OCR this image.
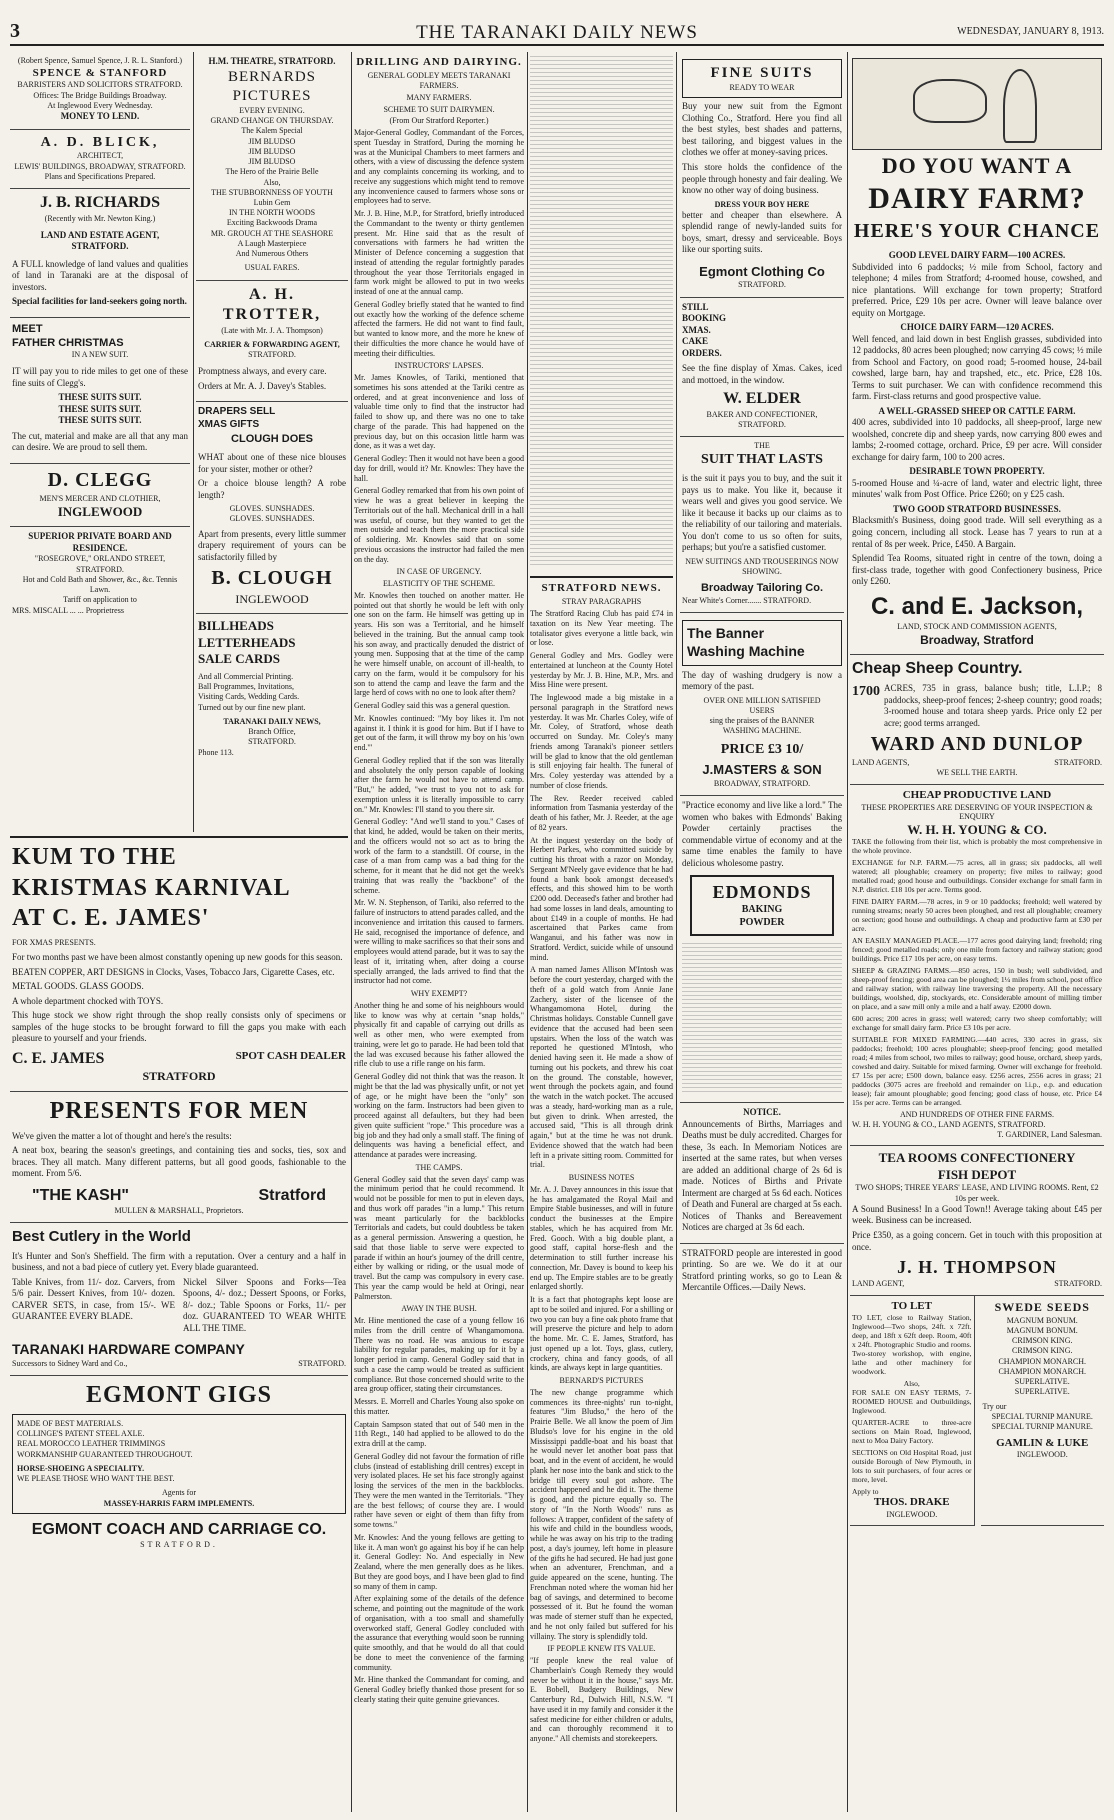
3	THE TARANAKI DAILY NEWS	WEDNESDAY, JANUARY 8, 1913.
(Robert Spence, Samuel Spence, J. R. L. Stanford.)
SPENCE & STANFORD
BARRISTERS AND SOLICITORS STRATFORD.
Offices: The Bridge Buildings Broadway.
At Inglewood Every Wednesday.
MONEY TO LEND.
A. D. BLICK,
ARCHITECT,
LEWIS' BUILDINGS, BROADWAY, STRATFORD.
Plans and Specifications Prepared.
J. B. RICHARDS
(Recently with Mr. Newton King.)
LAND AND ESTATE AGENT, STRATFORD.

A FULL knowledge of land values and qualities of land in Taranaki are at the disposal of investors.

Special facilities for land-seekers going north.

MEET
FATHER CHRISTMAS
IN A NEW SUIT.

IT will pay you to ride miles to get one of these fine suits of Clegg's.

THESE SUITS SUIT.
THESE SUITS SUIT.
THESE SUITS SUIT.

The cut, material and make are all that any man can desire. We are proud to sell them.

D. CLEGG
MEN'S MERCER AND CLOTHIER,
INGLEWOOD
SUPERIOR PRIVATE BOARD AND RESIDENCE.
"ROSEGROVE," ORLANDO STREET, STRATFORD.
Hot and Cold Bath and Shower, &c., &c. Tennis Lawn.
Tariff on application to
MRS. MISCALL ... ... Proprietress
H.M. THEATRE, STRATFORD.
BERNARDS PICTURES
EVERY EVENING.
GRAND CHANGE ON THURSDAY.
The Kalem Special
JIM BLUDSO
JIM BLUDSO
JIM BLUDSO
The Hero of the Prairie Belle
Also,
THE STUBBORNNESS OF YOUTH
Lubin Gem
IN THE NORTH WOODS
Exciting Backwoods Drama
MR. GROUCH AT THE SEASHORE
A Laugh Masterpiece
And Numerous Others
USUAL FARES.
A. H. TROTTER,
(Late with Mr. J. A. Thompson)
CARRIER & FORWARDING AGENT,
STRATFORD.

Promptness always, and every care.

Orders at Mr. A. J. Davey's Stables.

DRAPERS SELL
XMAS GIFTS
CLOUGH DOES

WHAT about one of these nice blouses for your sister, mother or other?

Or a choice blouse length? A robe length?

GLOVES. SUNSHADES.
GLOVES. SUNSHADES.

Apart from presents, every little summer drapery requirement of yours can be satisfactorily filled by

B. CLOUGH
INGLEWOOD
BILLHEADS
LETTERHEADS
SALE CARDS
And all Commercial Printing.
Ball Programmes, Invitations,
Visiting Cards, Wedding Cards.
Turned out by our fine new plant.
TARANAKI DAILY NEWS,
Branch Office,
STRATFORD.
Phone 113.
KUM TO THE
KRISTMAS KARNIVAL
AT C. E. JAMES'
FOR XMAS PRESENTS.

For two months past we have been almost constantly opening up new goods for this season.

BEATEN COPPER, ART DESIGNS in Clocks, Vases, Tobacco Jars, Cigarette Cases, etc.

METAL GOODS. GLASS GOODS.

A whole department chocked with TOYS.

This huge stock we show right through the shop really consists only of specimens or samples of the huge stocks to be brought forward to fill the gaps you make with each pleasure to yourself and your friends.

C. E. JAMES	SPOT CASH DEALER
STRATFORD
PRESENTS FOR MEN

We've given the matter a lot of thought and here's the results:

A neat box, bearing the season's greetings, and containing ties and socks, ties, sox and braces. They all match. Many different patterns, but all good goods, fashionable to the moment. From 5/6.

"THE KASH"	Stratford
MULLEN & MARSHALL, Proprietors.
Best Cutlery in the World

It's Hunter and Son's Sheffield. The firm with a reputation. Over a century and a half in business, and not a bad piece of cutlery yet. Every blade guaranteed.

Table Knives, from 11/- doz. Carvers, from 5/6 pair. Dessert Knives, from 10/- dozen. CARVER SETS, in case, from 15/-. WE GUARANTEE EVERY BLADE.

Nickel Silver Spoons and Forks—Tea Spoons, 4/- doz.; Dessert Spoons, or Forks, 8/- doz.; Table Spoons or Forks, 11/- per doz. GUARANTEED TO WEAR WHITE ALL THE TIME.

TARANAKI HARDWARE COMPANY
Successors to Sidney Ward and Co.,	STRATFORD.
EGMONT GIGS
MADE OF BEST MATERIALS.
COLLINGE'S PATENT STEEL AXLE.
REAL MOROCCO LEATHER TRIMMINGS
WORKMANSHIP GUARANTEED THROUGHOUT.
HORSE-SHOEING A SPECIALITY.
WE PLEASE THOSE WHO WANT THE BEST.
Agents for
MASSEY-HARRIS FARM IMPLEMENTS.
EGMONT COACH AND CARRIAGE CO.
STRATFORD.
DRILLING AND DAIRYING.
GENERAL GODLEY MEETS TARANAKI FARMERS.
MANY FARMERS.
SCHEME TO SUIT DAIRYMEN.
(From Our Stratford Reporter.)

Major-General Godley, Commandant of the Forces, spent Tuesday in Stratford, During the morning he was at the Municipal Chambers to meet farmers and others, with a view of discussing the defence system and any complaints concerning its working, and to receive any suggestions which might tend to remove any inconvenience caused to farmers whose sons or employees had to serve.

Mr. J. B. Hine, M.P., for Stratford, briefly introduced the Commandant to the twenty or thirty gentlemen present. Mr. Hine said that as the result of conversations with farmers he had written the Minister of Defence concerning a suggestion that instead of attending the regular fortnightly parades throughout the year those Territorials engaged in farm work might be allowed to put in two weeks instead of one at the annual camp.

General Godley briefly stated that he wanted to find out exactly how the working of the defence scheme affected the farmers. He did not want to find fault, but wanted to know more, and the more he knew of their difficulties the more chance he would have of meeting their difficulties.

INSTRUCTORS' LAPSES.

Mr. James Knowles, of Tariki, mentioned that sometimes his sons attended at the Tariki centre as ordered, and at great inconvenience and loss of valuable time only to find that the instructor had failed to show up, and there was no one to take charge of the parade. This had happened on the previous day, but on this occasion little harm was done, as it was a wet day.

General Godley: Then it would not have been a good day for drill, would it? Mr. Knowles: They have the hall.

General Godley remarked that from his own point of view he was a great believer in keeping the Territorials out of the hall. Mechanical drill in a hall was useful, of course, but they wanted to get the men outside and teach them the more practical side of soldiering. Mr. Knowles said that on some previous occasions the instructor had failed the men on the day.

IN CASE OF URGENCY.
ELASTICITY OF THE SCHEME.

Mr. Knowles then touched on another matter. He pointed out that shortly he would be left with only one son on the farm. He himself was getting up in years. His son was a Territorial, and he himself believed in the training. But the annual camp took his son away, and practically denuded the district of young men. Supposing that at the time of the camp he were himself unable, on account of ill-health, to carry on the farm, would it be compulsory for his son to attend the camp and leave the farm and the large herd of cows with no one to look after them?

General Godley said this was a general question.

Mr. Knowles continued: "My boy likes it. I'm not against it. I think it is good for him. But if I have to get out of the farm, it will throw my boy on his 'own end.'"

General Godley replied that if the son was literally and absolutely the only person capable of looking after the farm he would not have to attend camp. "But," he added, "we trust to you not to ask for exemption unless it is literally impossible to carry on." Mr. Knowles: I'll stand to you there sir.

General Godley: "And we'll stand to you." Cases of that kind, he added, would be taken on their merits, and the officers would not so act as to bring the work of the farm to a standstill. Of course, in the case of a man from camp was a bad thing for the scheme, for it meant that he did not get the week's training that was really the "backbone" of the scheme.

Mr. W. N. Stephenson, of Tariki, also referred to the failure of instructors to attend parades called, and the inconvenience and irritation this caused to farmers. He said, recognised the importance of defence, and were willing to make sacrifices so that their sons and employees would attend parade, but it was to say the least of it, irritating when, after doing a course specially arranged, the lads arrived to find that the instructor had not come.

WHY EXEMPT?

Another thing he and some of his neighbours would like to know was why at certain "snap holds," physically fit and capable of carrying out drills as well as other men, who were exempted from training, were let go to parade. He had been told that the lad was excused because his father allowed the rifle club to use a rifle range on his farm.

General Godley did not think that was the reason. It might be that the lad was physically unfit, or not yet of age, or he might have been the "only" son working on the farm. Instructors had been given to proceed against all defaulters, but they had been given quite sufficient "rope." This procedure was a big job and they had only a small staff. The fining of delinquents was having a beneficial effect, and attendance at parades were increasing.

THE CAMPS.

General Godley said that the seven days' camp was the minimum period that he could recommend. It would not be possible for men to put in eleven days, and thus work off parades "in a lump." This return was meant particularly for the backblocks Territorials and cadets, but could doubtless be taken as a general permission. Answering a question, he said that those liable to serve were expected to parade if within an hour's journey of the drill centre, either by walking or riding, or the usual mode of travel. But the camp was compulsory in every case. This year the camp would be held at Oringi, near Palmerston.

AWAY IN THE BUSH.

Mr. Hine mentioned the case of a young fellow 16 miles from the drill centre of Whangamomona. There was no road. He was anxious to escape liability for regular parades, making up for it by a longer period in camp. General Godley said that in such a case the camp would be treated as sufficient compliance. But those concerned should write to the area group officer, stating their circumstances.

Messrs. E. Morrell and Charles Young also spoke on this matter.

Captain Sampson stated that out of 540 men in the 11th Regt., 140 had applied to be allowed to do the extra drill at the camp.

General Godley did not favour the formation of rifle clubs (instead of establishing drill centres) except in very isolated places. He set his face strongly against losing the services of the men in the backblocks. They were the men wanted in the Territorials. "They are the best fellows; of course they are. I would rather have seven or eight of them than fifty from some towns."

Mr. Knowles: And the young fellows are getting to like it. A man won't go against his boy if he can help it. General Godley: No. And especially in New Zealand, where the men generally does as he likes. But they are good boys, and I have been glad to find so many of them in camp.

After explaining some of the details of the defence scheme, and pointing out the magnitude of the work of organisation, with a too small and shamefully overworked staff, General Godley concluded with the assurance that everything would soon be running quite smoothly, and that he would do all that could be done to meet the convenience of the farming community.

Mr. Hine thanked the Commandant for coming, and General Godley briefly thanked those present for so clearly stating their quite genuine grievances.

STRATFORD NEWS.
STRAY PARAGRAPHS

The Stratford Racing Club has paid £74 in taxation on its New Year meeting. The totalisator gives everyone a little back, win or lose.

General Godley and Mrs. Godley were entertained at luncheon at the County Hotel yesterday by Mr. J. B. Hine, M.P., Mrs. and Miss Hine were present.

The Inglewood made a big mistake in a personal paragraph in the Stratford news yesterday. It was Mr. Charles Coley, wife of Mr. Coley, of Stratford, whose death occurred on Sunday. Mr. Coley's many friends among Taranaki's pioneer settlers will be glad to know that the old gentleman is still enjoying fair health. The funeral of Mrs. Coley yesterday was attended by a number of close friends.

The Rev. Reeder received cabled information from Tasmania yesterday of the death of his father, Mr. J. Reeder, at the age of 82 years.

At the inquest yesterday on the body of Herbert Parkes, who committed suicide by cutting his throat with a razor on Monday, Sergeant M'Neely gave evidence that he had found a bank book amongst deceased's effects, and this showed him to be worth £200 odd. Deceased's father and brother had had some losses in land deals, amounting to about £149 in a couple of months. He had ascertained that Parkes came from Wanganui, and his father was now in Stratford. Verdict, suicide while of unsound mind.

A man named James Allison M'Intosh was before the court yesterday, charged with the theft of a gold watch from Annie Jane Zachery, sister of the licensee of the Whangamomona Hotel, during the Christmas holidays. Constable Cunnell gave evidence that the accused had been seen upstairs. When the loss of the watch was reported he questioned M'Intosh, who denied having seen it. He made a show of turning out his pockets, and threw his coat on the ground. The constable, however, went through the pockets again, and found the watch in the watch pocket. The accused was a steady, hard-working man as a rule, but given to drink. When arrested, the accused said, "This is all through drink again," but at the time he was not drunk. Evidence showed that the watch had been left in a private sitting room. Committed for trial.

BUSINESS NOTES

Mr. A. J. Davey announces in this issue that he has amalgamated the Royal Mail and Empire Stable businesses, and will in future conduct the businesses at the Empire stables, which he has acquired from Mr. Fred. Gooch. With a big double plant, a good staff, capital horse-flesh and the determination to still further increase his connection, Mr. Davey is bound to keep his end up. The Empire stables are to be greatly enlarged shortly.

It is a fact that photographs kept loose are apt to be soiled and injured. For a shilling or two you can buy a fine oak photo frame that will preserve the picture and help to adorn the home. Mr. C. E. James, Stratford, has just opened up a lot. Toys, glass, cutlery, crockery, china and fancy goods, of all kinds, are always kept in large quantities.

BERNARD'S PICTURES

The new change programme which commences its three-nights' run to-night, features "Jim Bludso," the hero of the Prairie Belle. We all know the poem of Jim Bludso's love for his engine in the old Mississippi paddle-boat and his boast that he would never let another boat pass that boat, and in the event of accident, he would plank her nose into the bank and stick to the bridge till every soul got ashore. The accident happened and he did it. The theme is good, and the picture equally so. The story of "In the North Woods" runs as follows: A trapper, confident of the safety of his wife and child in the boundless woods, while he was away on his trip to the trading post, a day's journey, left home in pleasure of the gifts he had secured. He had just gone when an adventurer, Frenchman, and a guide appeared on the scene, hunting. The Frenchman noted where the woman hid her bag of savings, and determined to become possessed of it. But he found the woman was made of sterner stuff than he expected, and he not only failed but suffered for his villainy. The story is splendidly told.

IF PEOPLE KNEW ITS VALUE.

"If people knew the real value of Chamberlain's Cough Remedy they would never be without it in the house," says Mr. E. Bobell, Budgery Buildings, New Canterbury Rd., Dulwich Hill, N.S.W. "I have used it in my family and consider it the safest medicine for either children or adults, and can thoroughly recommend it to anyone." All chemists and storekeepers.

FINE SUITS
READY TO WEAR

Buy your new suit from the Egmont Clothing Co., Stratford. Here you find all the best styles, best shades and patterns, best tailoring, and biggest values in the clothes we offer at money-saving prices.

This store holds the confidence of the people through honesty and fair dealing. We know no other way of doing business.

DRESS YOUR BOY HERE

better and cheaper than elsewhere. A splendid range of newly-landed suits for boys, smart, dressy and serviceable. Boys like our sporting suits.

Egmont Clothing Co
STRATFORD.
STILL
BOOKING
XMAS.
CAKE
ORDERS.

See the fine display of Xmas. Cakes, iced and mottoed, in the window.

W. ELDER
BAKER AND CONFECTIONER,
STRATFORD.
THE
SUIT THAT LASTS

is the suit it pays you to buy, and the suit it pays us to make. You like it, because it wears well and gives you good service. We like it because it backs up our claims as to the reliability of our tailoring and materials. You don't come to us so often for suits, perhaps; but you're a satisfied customer.

NEW SUITINGS AND TROUSERINGS NOW SHOWING.
Broadway Tailoring Co.
Near White's Corner....... STRATFORD.
The Banner
Washing Machine

The day of washing drudgery is now a memory of the past.

OVER ONE MILLION SATISFIED
USERS
sing the praises of the BANNER
WASHING MACHINE.
PRICE £3 10/
J.MASTERS & SON
BROADWAY, STRATFORD.

"Practice economy and live like a lord." The women who bakes with Edmonds' Baking Powder certainly practises the commendable virtue of economy and at the same time enables the family to have delicious wholesome pastry.

EDMONDS
BAKING
POWDER
NOTICE.

Announcements of Births, Marriages and Deaths must be duly accredited. Charges for these, 3s each. In Memoriam Notices are inserted at the same rates, but when verses are added an additional charge of 2s 6d is made. Notices of Births and Private Interment are charged at 5s 6d each. Notices of Death and Funeral are charged at 5s each. Notices of Thanks and Bereavement Notices are charged at 3s 6d each.

STRATFORD people are interested in good printing. So are we. We do it at our Stratford printing works, so go to Lean & Mercantile Offices.—Daily News.

DO YOU WANT A
DAIRY FARM?
HERE'S YOUR CHANCE
GOOD LEVEL DAIRY FARM—100 ACRES.

Subdivided into 6 paddocks; ½ mile from School, factory and telephone; 4 miles from Stratford; 4-roomed house, cowshed, and nice plantations. Will exchange for town property; Stratford preferred. Price, £29 10s per acre. Owner will leave balance over equity on Mortgage.

CHOICE DAIRY FARM—120 ACRES.

Well fenced, and laid down in best English grasses, subdivided into 12 paddocks, 80 acres been ploughed; now carrying 45 cows; ½ mile from School and Factory, on good road; 5-roomed house, 24-bail cowshed, large barn, hay and trapshed, etc., etc. Price, £28 10s. Terms to suit purchaser. We can with confidence recommend this farm. First-class returns and good prospective value.

A WELL-GRASSED SHEEP OR CATTLE FARM.

400 acres, subdivided into 10 paddocks, all sheep-proof, large new woolshed, concrete dip and sheep yards, now carrying 800 ewes and lambs; 2-roomed cottage, orchard. Price, £9 per acre. Will consider exchange for dairy farm, 100 to 200 acres.

DESIRABLE TOWN PROPERTY.

5-roomed House and ¼-acre of land, water and electric light, three minutes' walk from Post Office. Price £260; on y £25 cash.

TWO GOOD STRATFORD BUSINESSES.

Blacksmith's Business, doing good trade. Will sell everything as a going concern, including all stock. Lease has 7 years to run at a rental of 8s per week. Price, £450. A Bargain.

Splendid Tea Rooms, situated right in centre of the town, doing a first-class trade, together with good Confectionery business, Price only £260.

C. and E. Jackson,
LAND, STOCK AND COMMISSION AGENTS,
Broadway, Stratford
Cheap Sheep Country.
1700 ACRES, 735 in grass, balance bush; title, L.I.P.; 8 paddocks, sheep-proof fences; 2-sheep country; good roads; 3-roomed house and totara sheep yards. Price only £2 per acre; good terms arranged.

WARD AND DUNLOP
LAND AGENTS,	STRATFORD.
WE SELL THE EARTH.
CHEAP PRODUCTIVE LAND
THESE PROPERTIES ARE DESERVING OF YOUR INSPECTION & ENQUIRY
W. H. H. YOUNG & CO.

TAKE the following from their list, which is probably the most comprehensive in the whole province.

EXCHANGE for N.P. FARM.—75 acres, all in grass; six paddocks, all well watered; all ploughable; creamery on property; five miles to railway; good metalled road; good house and outbuildings. Consider exchange for small farm in N.P. district. £18 10s per acre. Terms good.

FINE DAIRY FARM.—78 acres, in 9 or 10 paddocks; freehold; well watered by running streams; nearly 50 acres been ploughed, and rest all ploughable; creamery on section; good house and outbuildings. A cheap and productive farm at £30 per acre.

AN EASILY MANAGED PLACE.—177 acres good dairying land; freehold; ring fenced; good metalled roads; only one mile from factory and railway station; good buildings. Price £17 10s per acre, on easy terms.

SHEEP & GRAZING FARMS.—850 acres, 150 in bush; well subdivided, and sheep-proof fencing; good area can be ploughed; 1¼ miles from school, post office and railway station, with railway line traversing the property. All the necessary buildings, woolshed, dip, stockyards, etc. Considerable amount of milling timber on place, and a saw mill only a mile and a half away. £2000 down.

600 acres; 200 acres in grass; well watered; carry two sheep comfortably; will exchange for small dairy farm. Price £3 10s per acre.

SUITABLE FOR MIXED FARMING.—440 acres, 330 acres in grass, six paddocks; freehold; 100 acres ploughable; sheep-proof fencing; good metalled road; 4 miles from school, two miles to railway; good house, orchard, sheep yards, cowshed and dairy. Suitable for mixed farming. Owner will exchange for freehold. £7 15s per acre; £500 down, balance easy. £256 acres, 2556 acres in grass; 21 paddocks (3075 acres are freehold and remainder on l.i.p., e.p. and education lease); fair amount ploughable; good fencing; good class of house, etc. Price £4 15s per acre. Terms can be arranged.

AND HUNDREDS OF OTHER FINE FARMS.
W. H. H. YOUNG & CO., LAND AGENTS, STRATFORD.
T. GARDINER, Land Salesman.
TEA ROOMS CONFECTIONERY
FISH DEPOT
TWO SHOPS; THREE YEARS' LEASE, AND LIVING ROOMS. Rent, £2 10s per week.

A Sound Business! In a Good Town!! Average taking about £45 per week. Business can be increased.

Price £350, as a going concern. Get in touch with this proposition at once.

J. H. THOMPSON
LAND AGENT,	STRATFORD.
TO LET

TO LET, close to Railway Station, Inglewood—Two shops, 24ft. x 72ft. deep, and 18ft x 62ft deep. Room, 40ft x 24ft. Photographic Studio and rooms. Two-storey workshop, with engine, lathe and other machinery for woodwork.

Also,

FOR SALE ON EASY TERMS, 7-ROOMED HOUSE and Outbuildings, Inglewood.

QUARTER-ACRE to three-acre sections on Main Road, Inglewood, next to Moa Dairy Factory.

SECTIONS on Old Hospital Road, just outside Borough of New Plymouth, in lots to suit purchasers, of four acres or more, level.

Apply to
THOS. DRAKE
INGLEWOOD.
SWEDE SEEDS
MAGNUM BONUM.
MAGNUM BONUM.
CRIMSON KING.
CRIMSON KING.
CHAMPION MONARCH.
CHAMPION MONARCH.
SUPERLATIVE.
SUPERLATIVE.
Try our
SPECIAL TURNIP MANURE.
SPECIAL TURNIP MANURE.
GAMLIN & LUKE
INGLEWOOD.
